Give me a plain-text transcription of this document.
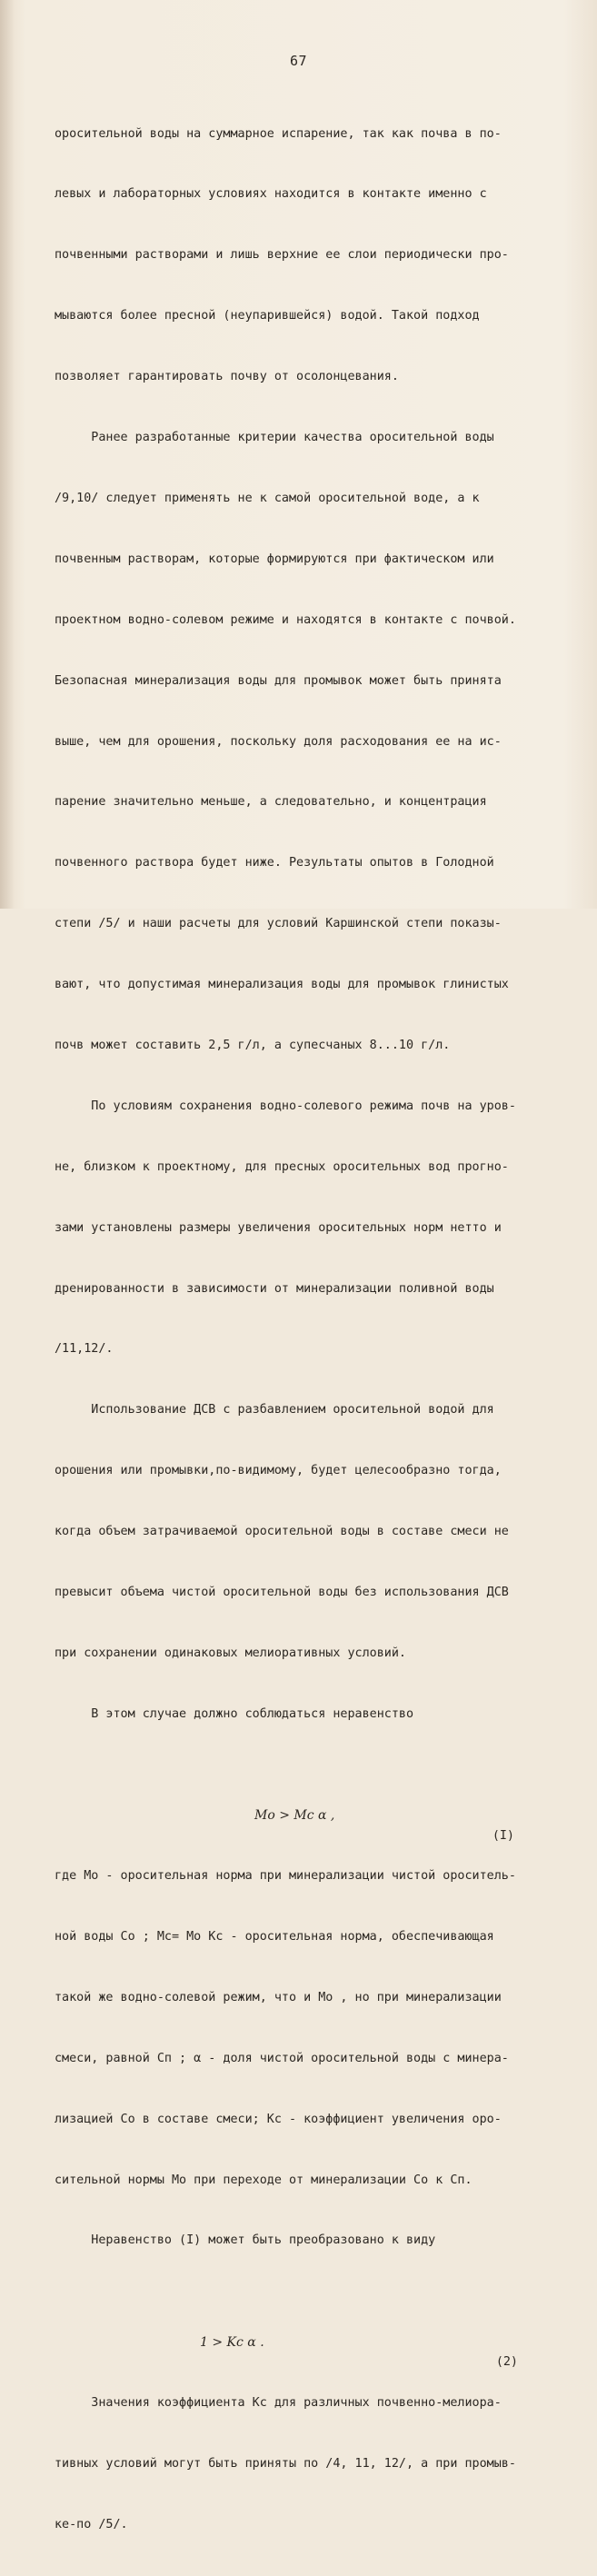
67

оросительной воды на суммарное испарение, так как почва в по-

левых и лабораторных условиях находится в контакте именно с

почвенными растворами и лишь верхние ее слои периодически про-

мываются более пресной (неупарившейся) водой. Такой подход

позволяет гарантировать почву от осолонцевания.

Ранее разработанные критерии качества оросительной воды

/9,10/ следует применять не к самой оросительной воде, а к

почвенным растворам, которые формируются при фактическом или

проектном водно-солевом режиме и находятся в контакте с почвой.

Безопасная минерализация воды для промывок может быть принята

выше, чем для орошения, поскольку доля расходования ее на ис-

парение значительно меньше, а следовательно, и концентрация

почвенного раствора будет ниже. Результаты опытов в Голодной

степи /5/ и наши расчеты для условий Каршинской степи показы-

вают, что допустимая минерализация воды для промывок глинистых

почв может составить 2,5 г/л, а супесчаных 8...10 г/л.

По условиям сохранения водно-солевого режима почв на уров-

не, близком к проектному, для пресных оросительных вод прогно-

зами установлены размеры увеличения оросительных норм нетто и

дренированности в зависимости от минерализации поливной воды

/11,12/.

Использование ДСВ с разбавлением оросительной водой для

орошения или промывки,по-видимому, будет целесообразно тогда,

когда объем затрачиваемой оросительной воды в составе смеси не

превысит объема чистой оросительной воды без использования ДСВ

при сохранении одинаковых мелиоративных условий.

В этом случае должно соблюдаться неравенство

Mo > Mc α ,

(I)

где Mo - оросительная норма при минерализации чистой ороситель-

ной воды Co ; Mc= Mo Kc - оросительная норма, обеспечивающая

такой же водно-солевой режим, что и Mo , но при минерализации

смеси, равной Cп ; α - доля чистой оросительной воды с минера-

лизацией Co в составе смеси; Kc - коэффициент увеличения оро-

сительной нормы Mo при переходе от минерализации Co к Cп.

Неравенство (I) может быть преобразовано к виду

1 > Kc α .

(2)

Значения коэффициента Kc для различных почвенно-мелиора-

тивных условий могут быть приняты по /4, 11, 12/, а при промыв-

ке-по /5/.
